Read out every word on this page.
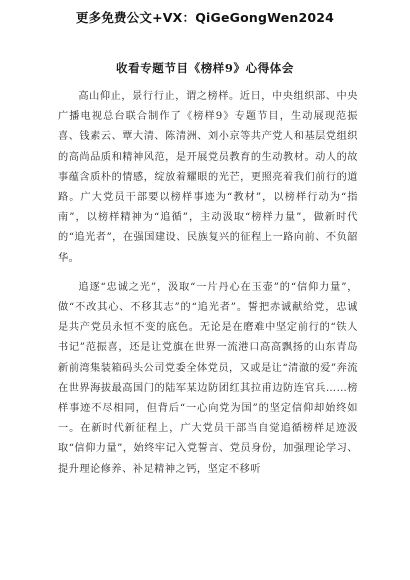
更多免费公文+VX：QiGeGongWen2024
收看专题节目《榜样9》心得体会

高山仰止，景行行止，谓之榜样。近日，中央组织部、中央广播电视总台联合制作了《榜样9》专题节目，生动展现范振喜、钱素云、覃大清、陈清洲、刘小京等共产党人和基层党组织的高尚品质和精神风范，是开展党员教育的生动教材。动人的故事蕴含质朴的情感，绽放着耀眼的光芒，更照亮着我们前行的道路。广大党员干部要以榜样事迹为“教材”，以榜样行动为“指南”，以榜样精神为“追循”，主动汲取“榜样力量”，做新时代的“追光者”，在强国建设、民族复兴的征程上一路向前、不负韶华。

追逐“忠诚之光”，汲取“一片丹心在玉壶”的“信仰力量”，做“不改其心、不移其志”的“追光者”。誓把赤诚献给党，忠诚是共产党员永恒不变的底色。无论是在磨难中坚定前行的“铁人书记”范振喜，还是让党旗在世界一流港口高高飘扬的山东青岛新前湾集装箱码头公司党委全体党员，又或是让“清澈的爱”奔流在世界海拔最高国门的陆军某边防团红其拉甫边防连官兵……榜样事迹不尽相同，但背后“一心向党为国”的坚定信仰却始终如一。在新时代新征程上，广大党员干部当自觉追循榜样足迹汲取“信仰力量”，始终牢记入党誓言、党员身份，加强理论学习、提升理论修养、补足精神之钙，坚定不移听
